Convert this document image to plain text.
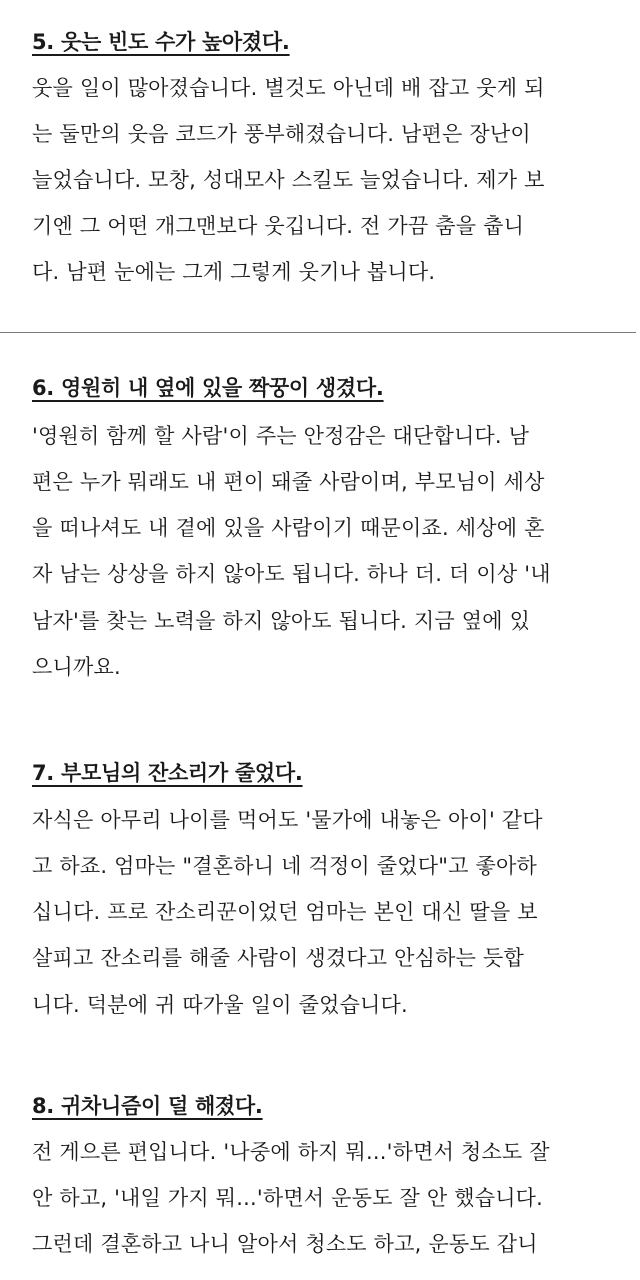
5. 웃는 빈도 수가 높아졌다.
웃을 일이 많아졌습니다. 별것도 아닌데 배 잡고 웃게 되
는 둘만의 웃음 코드가 풍부해졌습니다. 남편은 장난이
늘었습니다. 모창, 성대모사 스킬도 늘었습니다. 제가 보
기엔 그 어떤 개그맨보다 웃깁니다. 전 가끔 춤을 춥니
다. 남편 눈에는 그게 그렇게 웃기나 봅니다.
6. 영원히 내 옆에 있을 짝꿍이 생겼다.
'영원히 함께 할 사람'이 주는 안정감은 대단합니다. 남
편은 누가 뭐래도 내 편이 돼줄 사람이며, 부모님이 세상
을 떠나셔도 내 곁에 있을 사람이기 때문이죠. 세상에 혼
자 남는 상상을 하지 않아도 됩니다. 하나 더. 더 이상 '내
남자'를 찾는 노력을 하지 않아도 됩니다. 지금 옆에 있
으니까요.
7. 부모님의 잔소리가 줄었다.
자식은 아무리 나이를 먹어도 '물가에 내놓은 아이' 같다
고 하죠. 엄마는 "결혼하니 네 걱정이 줄었다"고 좋아하
십니다. 프로 잔소리꾼이었던 엄마는 본인 대신 딸을 보
살피고 잔소리를 해줄 사람이 생겼다고 안심하는 듯합
니다. 덕분에 귀 따가울 일이 줄었습니다.
8. 귀차니즘이 덜 해졌다.
전 게으른 편입니다. '나중에 하지 뭐...'하면서 청소도 잘
안 하고, '내일 가지 뭐...'하면서 운동도 잘 안 했습니다.
그런데 결혼하고 나니 알아서 청소도 하고, 운동도 갑니
